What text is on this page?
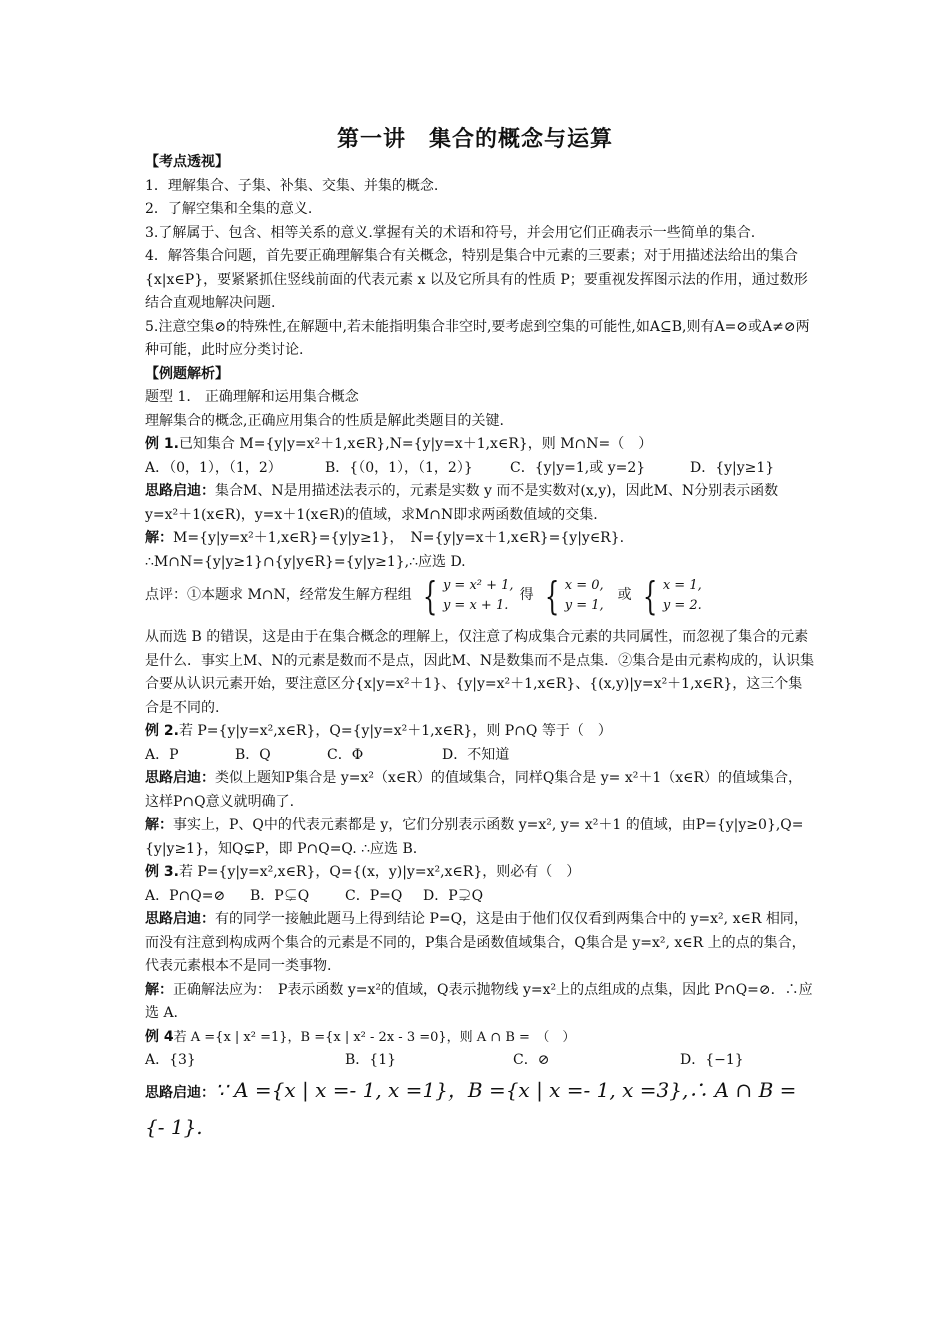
第一讲　集合的概念与运算

【考点透视】

1．理解集合、子集、补集、交集、并集的概念.

2．了解空集和全集的意义.

3.了解属于、包含、相等关系的意义.掌握有关的术语和符号，并会用它们正确表示一些简单的集合.

4．解答集合问题，首先要正确理解集合有关概念，特别是集合中元素的三要素；对于用描述法给出的集合{x|x∈P}，要紧紧抓住竖线前面的代表元素 x 以及它所具有的性质 P；要重视发挥图示法的作用，通过数形结合直观地解决问题.

5.注意空集⊘的特殊性,在解题中,若未能指明集合非空时,要考虑到空集的可能性,如A⊆B,则有A=⊘或A≠⊘两种可能，此时应分类讨论.

【例题解析】

题型 1.　正确理解和运用集合概念

理解集合的概念,正确应用集合的性质是解此类题目的关键.

例 1.已知集合 M={y|y=x²＋1,x∈R},N={y|y=x＋1,x∈R}，则 M∩N=（　）

A．（0，1），（1，2）	B．{（0，1），（1，2）}	C．{y|y=1,或 y=2}	D．{y|y≥1}

思路启迪：集合M、N是用描述法表示的，元素是实数 y 而不是实数对(x,y)，因此M、N分别表示函数 y=x²＋1(x∈R)，y=x＋1(x∈R)的值域，求M∩N即求两函数值域的交集.

解：M={y|y=x²＋1,x∈R}={y|y≥1}，　N={y|y=x＋1,x∈R}={y|y∈R}.

∴M∩N={y|y≥1}∩{y|y∈R}={y|y≥1},∴应选 D.

点评：①本题求 M∩N，经常发生解方程组 { y = x² + 1,
y = x + 1.
得 { x = 0,
y = 1,
或 { x = 1,
y = 2.

从而选 B 的错误，这是由于在集合概念的理解上，仅注意了构成集合元素的共同属性，而忽视了集合的元素是什么．事实上M、N的元素是数而不是点，因此M、N是数集而不是点集．②集合是由元素构成的，认识集合要从认识元素开始，要注意区分{x|y=x²＋1}、{y|y=x²＋1,x∈R}、{(x,y)|y=x²＋1,x∈R}，这三个集合是不同的.

例 2.若 P={y|y=x²,x∈R}，Q={y|y=x²＋1,x∈R}，则 P∩Q 等于（　）

A．P	B．Q	C．Φ	D．不知道

思路启迪：类似上题知P集合是 y=x²（x∈R）的值域集合，同样Q集合是 y= x²＋1（x∈R）的值域集合，这样P∩Q意义就明确了.

解：事实上，P、Q中的代表元素都是 y，它们分别表示函数 y=x², y= x²＋1 的值域，由P={y|y≥0},Q={y|y≥1}，知Q⊊P，即 P∩Q=Q. ∴应选 B.

例 3.若 P={y|y=x²,x∈R}，Q={(x，y)|y=x²,x∈R}，则必有（　）

A．P∩Q=⊘	B．P⊊Q	C．P=Q	D．P⊋Q

思路启迪：有的同学一接触此题马上得到结论 P=Q，这是由于他们仅仅看到两集合中的 y=x², x∈R 相同，而没有注意到构成两个集合的元素是不同的，P集合是函数值域集合，Q集合是 y=x², x∈R 上的点的集合，代表元素根本不是同一类事物.

解：正确解法应为：　P表示函数 y=x²的值域，Q表示抛物线 y=x²上的点组成的点集，因此 P∩Q=⊘．∴应选 A.

例 4若 A ={x | x² =1}，B ={x | x² - 2x - 3 =0}，则 A ∩ B =　（　）

A．{3}	B．{1}	C．⊘	D．{−1}

思路启迪：∵ A ={x | x =- 1, x =1}，B ={x | x =- 1, x =3},∴ A ∩ B ={- 1}.
